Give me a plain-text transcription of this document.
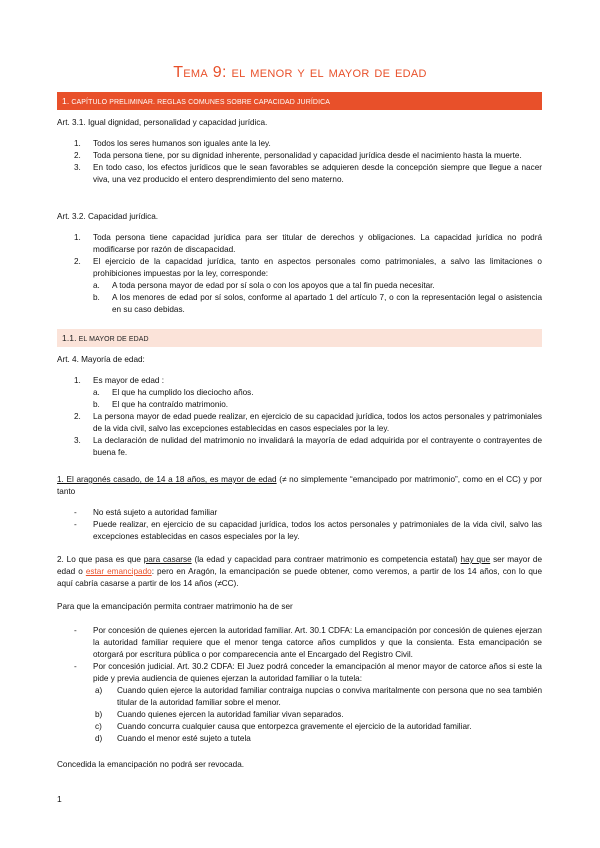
Tema 9: el menor y el mayor de edad
1. CAPÍTULO PRELIMINAR. REGLAS COMUNES SOBRE CAPACIDAD JURÍDICA
Art. 3.1. Igual dignidad, personalidad y capacidad jurídica.
1. Todos los seres humanos son iguales ante la ley.
2. Toda persona tiene, por su dignidad inherente, personalidad y capacidad jurídica desde el nacimiento hasta la muerte.
3. En todo caso, los efectos jurídicos que le sean favorables se adquieren desde la concepción siempre que llegue a nacer viva, una vez producido el entero desprendimiento del seno materno.
Art. 3.2. Capacidad jurídica.
1. Toda persona tiene capacidad jurídica para ser titular de derechos y obligaciones. La capacidad jurídica no podrá modificarse por razón de discapacidad.
2. El ejercicio de la capacidad jurídica, tanto en aspectos personales como patrimoniales, a salvo las limitaciones o prohibiciones impuestas por la ley, corresponde:
a. A toda persona mayor de edad por sí sola o con los apoyos que a tal fin pueda necesitar.
b. A los menores de edad por sí solos, conforme al apartado 1 del artículo 7, o con la representación legal o asistencia en su caso debidas.
1.1. EL MAYOR DE EDAD
Art. 4. Mayoría de edad:
1. Es mayor de edad :
a. El que ha cumplido los dieciocho años.
b. El que ha contraído matrimonio.
2. La persona mayor de edad puede realizar, en ejercicio de su capacidad jurídica, todos los actos personales y patrimoniales de la vida civil, salvo las excepciones establecidas en casos especiales por la ley.
3. La declaración de nulidad del matrimonio no invalidará la mayoría de edad adquirida por el contrayente o contrayentes de buena fe.
1. El aragonés casado, de 14 a 18 años, es mayor de edad (≠ no simplemente “emancipado por matrimonio”, como en el CC) y por tanto
- No está sujeto a autoridad familiar
- Puede realizar, en ejercicio de su capacidad jurídica, todos los actos personales y patrimoniales de la vida civil, salvo las excepciones establecidas en casos especiales por la ley.
2. Lo que pasa es que para casarse (la edad y capacidad para contraer matrimonio es competencia estatal) hay que ser mayor de edad o estar emancipado: pero en Aragón, la emancipación se puede obtener, como veremos, a partir de los 14 años, con lo que aquí cabría casarse a partir de los 14 años (≠CC).
Para que la emancipación permita contraer matrimonio ha de ser
- Por concesión de quienes ejercen la autoridad familiar. Art. 30.1 CDFA: La emancipación por concesión de quienes ejerzan la autoridad familiar requiere que el menor tenga catorce años cumplidos y que la consienta. Esta emancipación se otorgará por escritura pública o por comparecencia ante el Encargado del Registro Civil.
- Por concesión judicial. Art. 30.2 CDFA: El Juez podrá conceder la emancipación al menor mayor de catorce años si este la pide y previa audiencia de quienes ejerzan la autoridad familiar o la tutela:
a) Cuando quien ejerce la autoridad familiar contraiga nupcias o conviva maritalmente con persona que no sea también titular de la autoridad familiar sobre el menor.
b) Cuando quienes ejercen la autoridad familiar vivan separados.
c) Cuando concurra cualquier causa que entorpezca gravemente el ejercicio de la autoridad familiar.
d) Cuando el menor esté sujeto a tutela
Concedida la emancipación no podrá ser revocada.
1
